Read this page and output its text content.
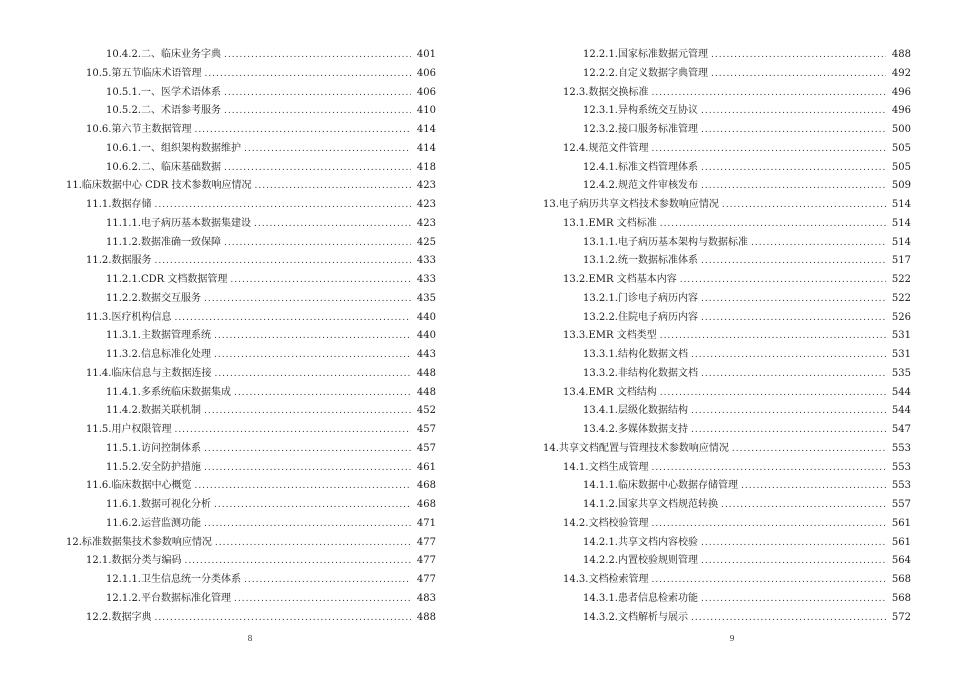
10.4.2.二、临床业务字典 .....	401
10.5.第五节临床术语管理 .....	406
10.5.1.一、医学术语体系 .....	406
10.5.2.二、术语参考服务 .....	410
10.6.第六节主数据管理 .....	414
10.6.1.一、组织架构数据维护 .....	414
10.6.2.二、临床基础数据 .....	418
11.临床数据中心 CDR 技术参数响应情况 .....	423
11.1.数据存储 .....	423
11.1.1.电子病历基本数据集建设 .....	423
11.1.2.数据准确一致保障 .....	425
11.2.数据服务 .....	433
11.2.1.CDR 文档数据管理 .....	433
11.2.2.数据交互服务 .....	435
11.3.医疗机构信息 .....	440
11.3.1.主数据管理系统 .....	440
11.3.2.信息标准化处理 .....	443
11.4.临床信息与主数据连接 .....	448
11.4.1.多系统临床数据集成 .....	448
11.4.2.数据关联机制 .....	452
11.5.用户权限管理 .....	457
11.5.1.访问控制体系 .....	457
11.5.2.安全防护措施 .....	461
11.6.临床数据中心概览 .....	468
11.6.1.数据可视化分析 .....	468
11.6.2.运营监测功能 .....	471
12.标准数据集技术参数响应情况 .....	477
12.1.数据分类与编码 .....	477
12.1.1.卫生信息统一分类体系 .....	477
12.1.2.平台数据标准化管理 .....	483
12.2.数据字典 .....	488
8
12.2.1.国家标准数据元管理 .....	488
12.2.2.自定义数据字典管理 .....	492
12.3.数据交换标准 .....	496
12.3.1.异构系统交互协议 .....	496
12.3.2.接口服务标准管理 .....	500
12.4.规范文件管理 .....	505
12.4.1.标准文档管理体系 .....	505
12.4.2.规范文件审核发布 .....	509
13.电子病历共享文档技术参数响应情况 .....	514
13.1.EMR 文档标准 .....	514
13.1.1.电子病历基本架构与数据标准 .....	514
13.1.2.统一数据标准体系 .....	517
13.2.EMR 文档基本内容 .....	522
13.2.1.门诊电子病历内容 .....	522
13.2.2.住院电子病历内容 .....	526
13.3.EMR 文档类型 .....	531
13.3.1.结构化数据文档 .....	531
13.3.2.非结构化数据文档 .....	535
13.4.EMR 文档结构 .....	544
13.4.1.层级化数据结构 .....	544
13.4.2.多媒体数据支持 .....	547
14.共享文档配置与管理技术参数响应情况 .....	553
14.1.文档生成管理 .....	553
14.1.1.临床数据中心数据存储管理 .....	553
14.1.2.国家共享文档规范转换 .....	557
14.2.文档校验管理 .....	561
14.2.1.共享文档内容校验 .....	561
14.2.2.内置校验规则管理 .....	564
14.3.文档检索管理 .....	568
14.3.1.患者信息检索功能 .....	568
14.3.2.文档解析与展示 .....	572
9
